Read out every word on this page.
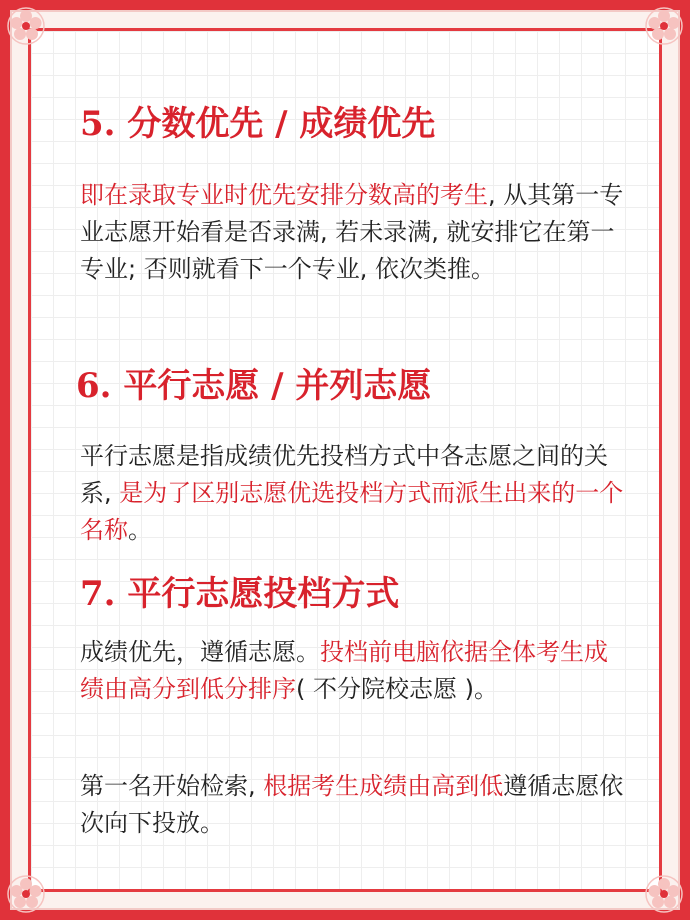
5. 分数优先 / 成绩优先

即在录取专业时优先安排分数高的考生, 从其第一专业志愿开始看是否录满, 若未录满, 就安排它在第一专业; 否则就看下一个专业, 依次类推。

6. 平行志愿 / 并列志愿

平行志愿是指成绩优先投档方式中各志愿之间的关系, 是为了区别志愿优选投档方式而派生出来的一个名称。

7. 平行志愿投档方式

成绩优先，遵循志愿。投档前电脑依据全体考生成绩由高分到低分排序( 不分院校志愿 )。

第一名开始检索, 根据考生成绩由高到低遵循志愿依次向下投放。
